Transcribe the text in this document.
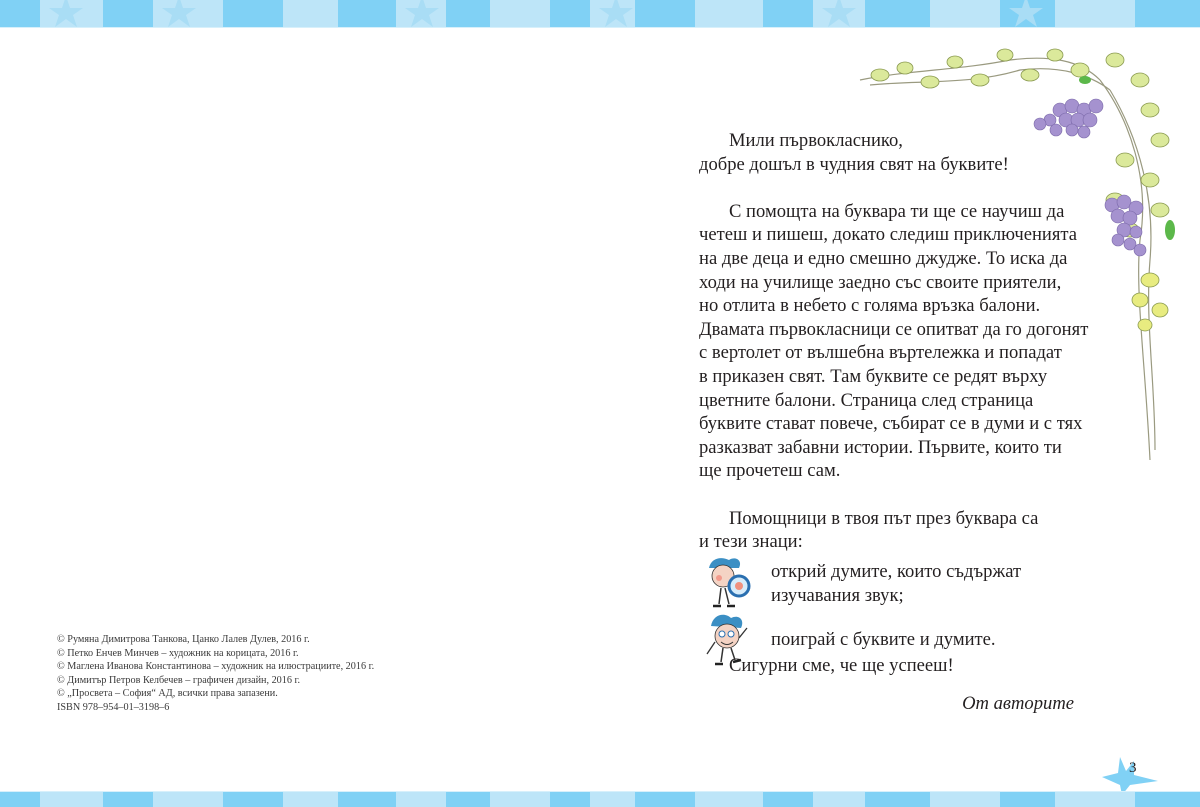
© Румяна Димитрова Танкова, Цанко Лалев Дулев, 2016 г.
© Петко Енчев Минчев – художник на корицата, 2016 г.
© Маглена Иванова Константинова – художник на илюстрациите, 2016 г.
© Димитър Петров Келбечев – графичен дизайн, 2016 г.
© „Просвета – София“ АД, всички права запазени.
ISBN 978–954–01–3198–6

Мили първокласнико,

добре дошъл в чудния свят на буквите!

С помощта на буквара ти ще се научиш да

четеш и пишеш, докато следиш приключенията

на две деца и едно смешно джудже. То иска да

ходи на училище заедно със своите приятели,

но отлита в небето с голяма връзка балони.

Двамата първокласници се опитват да го догонят

с вертолет от вълшебна въртележка и попадат

в приказен свят. Там буквите се редят върху

цветните балони. Страница след страница

буквите стават повече, събират се в думи и с тях

разказват забавни истории. Първите, които ти

ще прочетеш сам.

Помощници в твоя път през буквара са

и тези знаци:

открий думите, които съдържат

изучавания звук;

поиграй с буквите и думите.

Сигурни сме, че ще успееш!
От авторите
3
